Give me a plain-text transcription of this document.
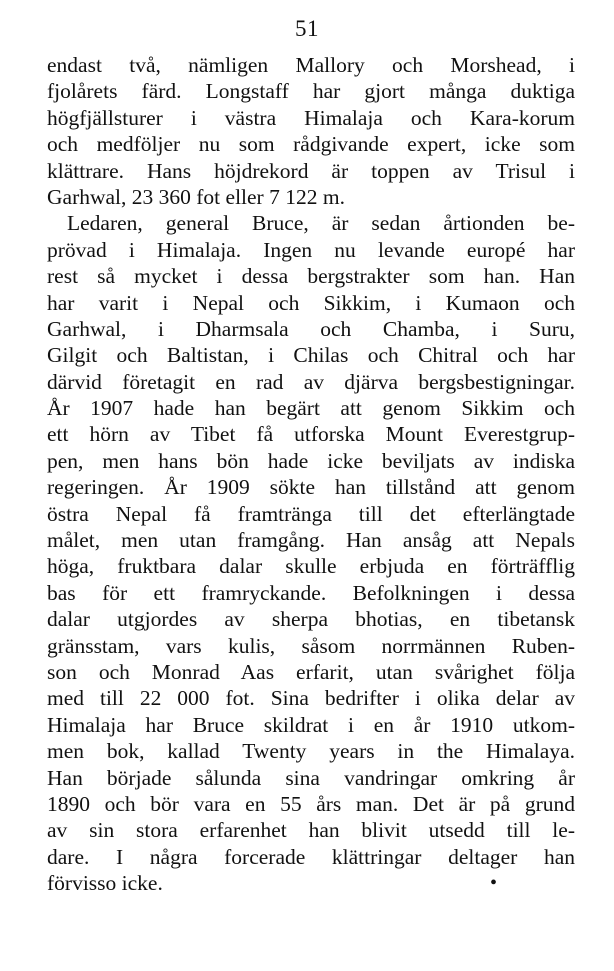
51
endast två, nämligen Mallory och Morshead, i
fjolårets färd. Longstaff har gjort många duktiga
högfjällsturer i västra Himalaja och Kara-korum
och medföljer nu som rådgivande expert, icke som
klättrare. Hans höjdrekord är toppen av Trisul i
Garhwal, 23 360 fot eller 7 122 m.
Ledaren, general Bruce, är sedan årtionden be-
prövad i Himalaja. Ingen nu levande europé har
rest så mycket i dessa bergstrakter som han. Han
har varit i Nepal och Sikkim, i Kumaon och
Garhwal, i Dharmsala och Chamba, i Suru,
Gilgit och Baltistan, i Chilas och Chitral och har
därvid företagit en rad av djärva bergsbestigningar.
År 1907 hade han begärt att genom Sikkim och
ett hörn av Tibet få utforska Mount Everestgrup-
pen, men hans bön hade icke beviljats av indiska
regeringen. År 1909 sökte han tillstånd att genom
östra Nepal få framtränga till det efterlängtade
målet, men utan framgång. Han ansåg att Nepals
höga, fruktbara dalar skulle erbjuda en förträfflig
bas för ett framryckande. Befolkningen i dessa
dalar utgjordes av sherpa bhotias, en tibetansk
gränsstam, vars kulis, såsom norrmännen Ruben-
son och Monrad Aas erfarit, utan svårighet följa
med till 22 000 fot. Sina bedrifter i olika delar av
Himalaja har Bruce skildrat i en år 1910 utkom-
men bok, kallad Twenty years in the Himalaya.
Han började sålunda sina vandringar omkring år
1890 och bör vara en 55 års man. Det är på grund
av sin stora erfarenhet han blivit utsedd till le-
dare. I några forcerade klättringar deltager han
förvisso icke.	•
